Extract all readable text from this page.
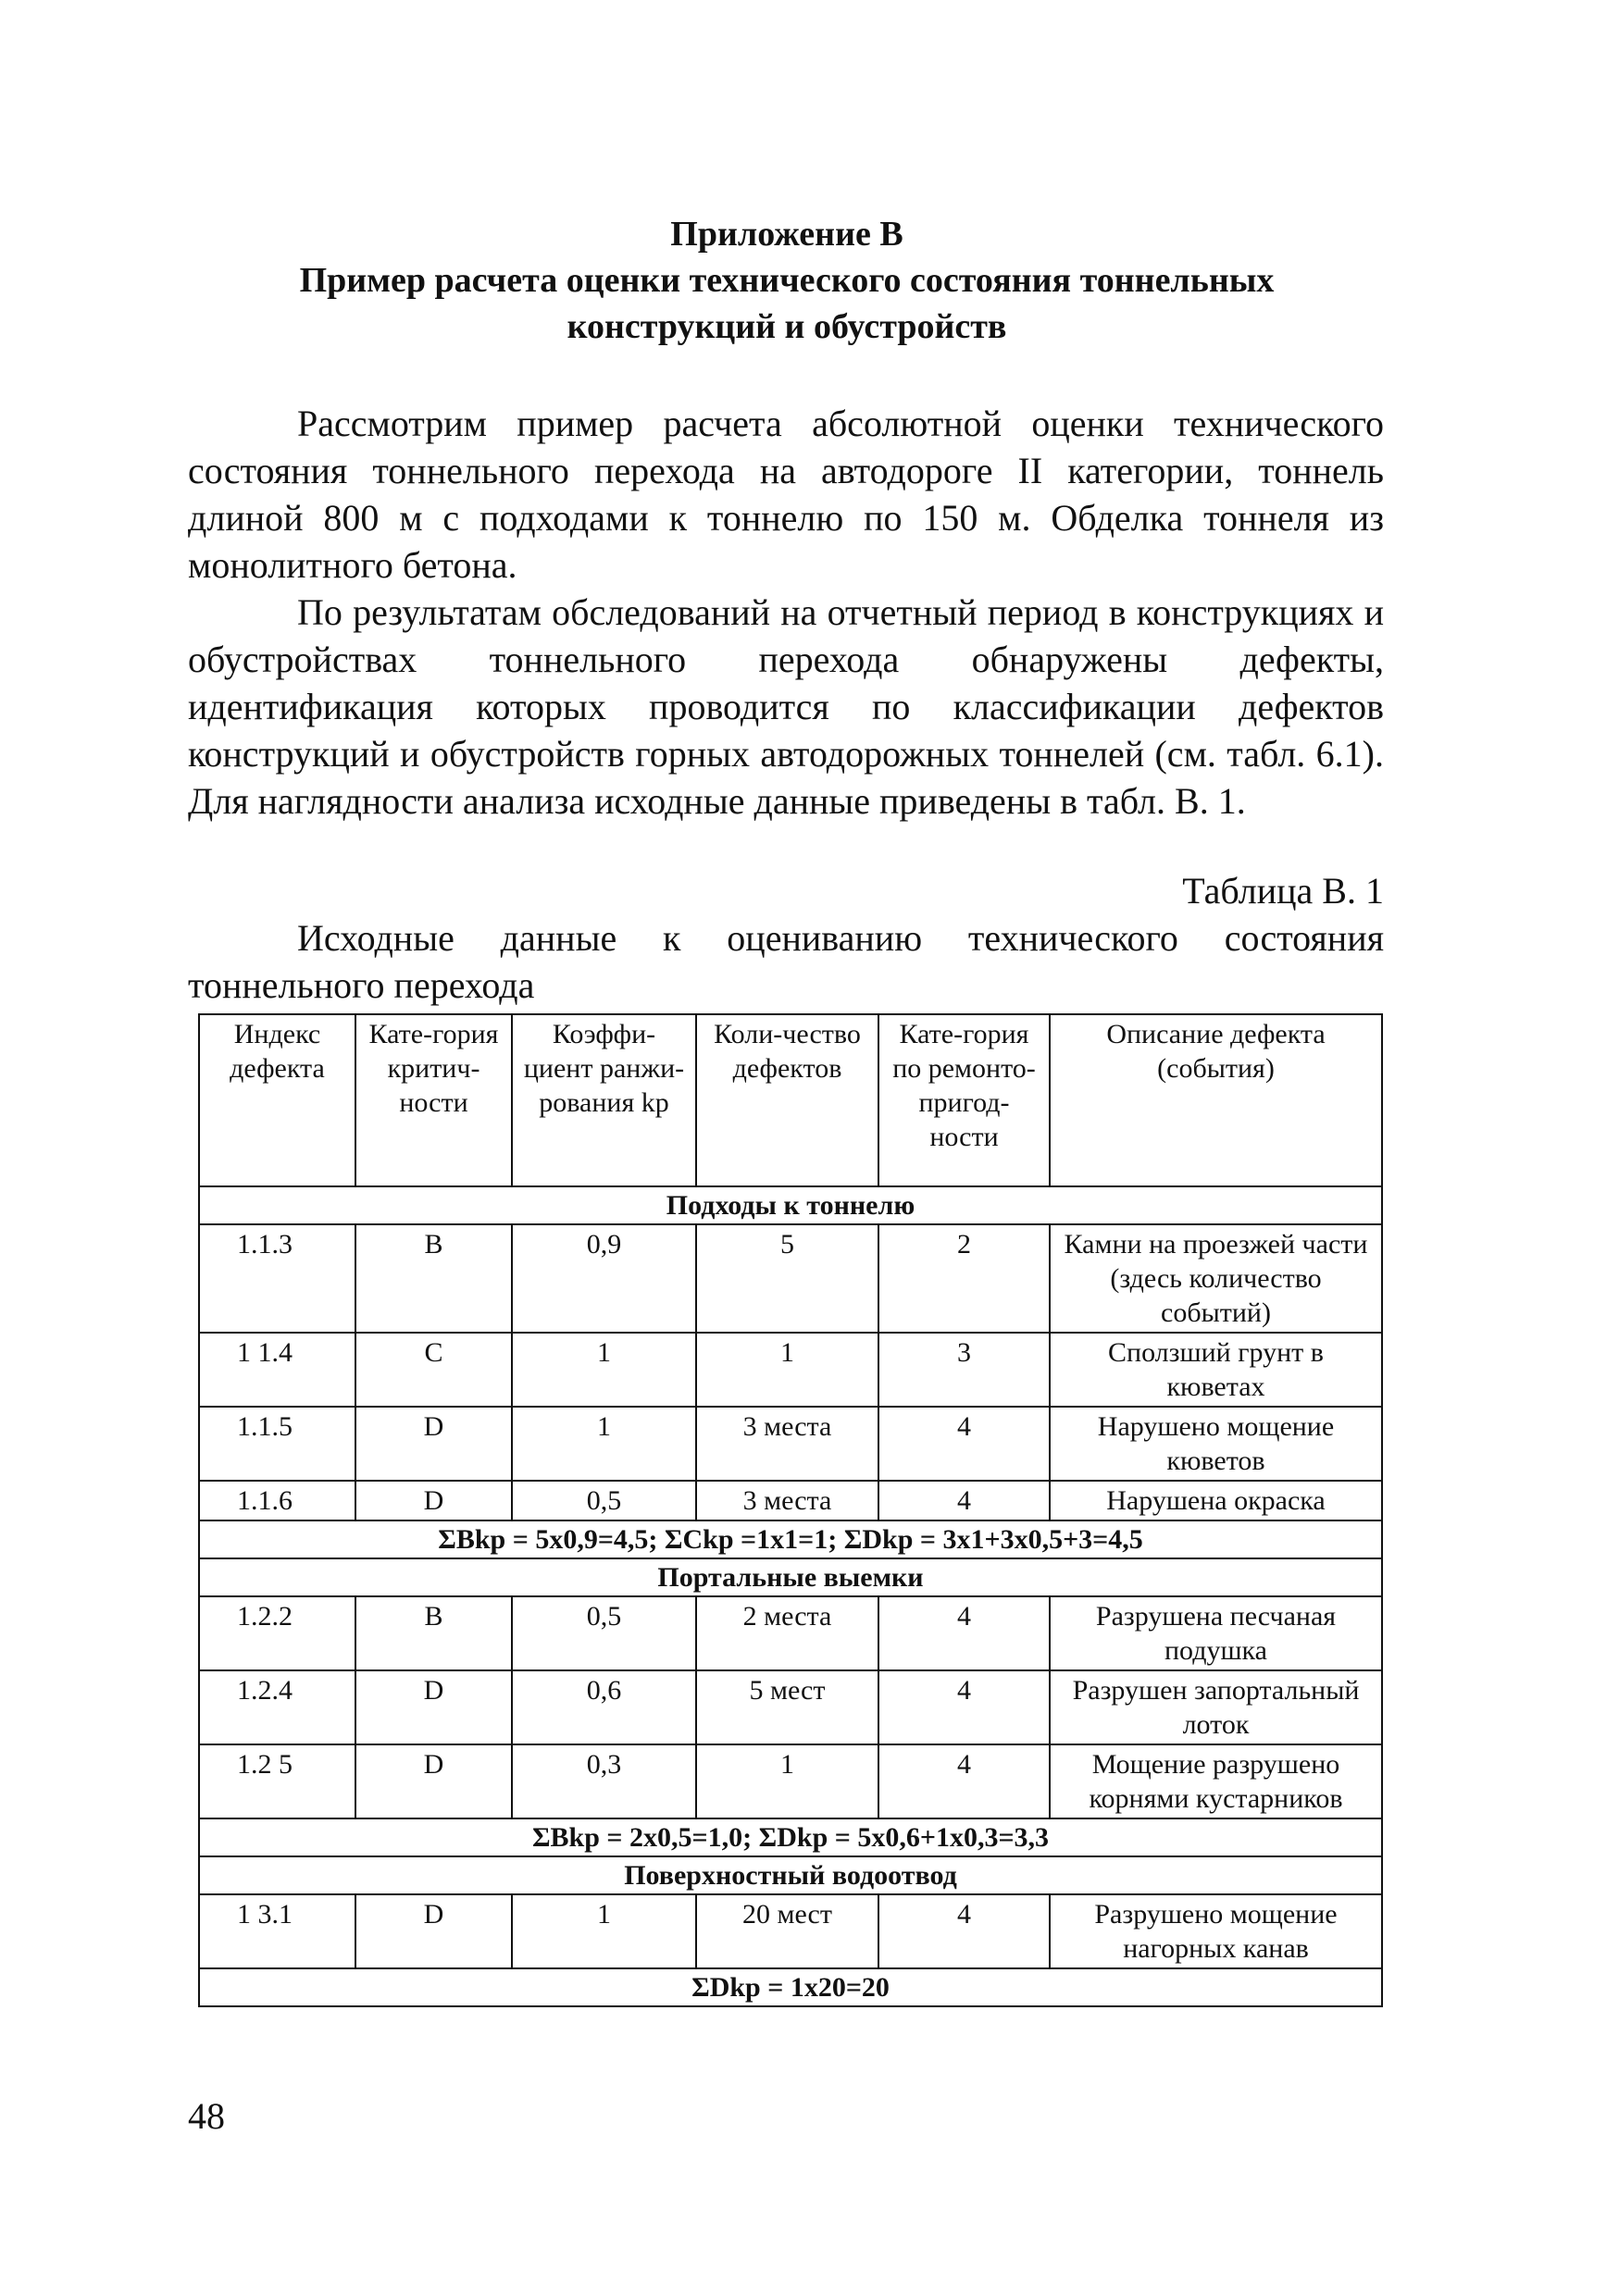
Приложение В
Пример расчета оценки технического состояния тоннельных
конструкций и обустройств

Рассмотрим пример расчета абсолютной оценки технического состояния тоннельного перехода на автодороге II категории, тоннель длиной 800 м с подходами к тоннелю по 150 м. Обделка тоннеля из монолитного бетона.

По результатам обследований на отчетный период в конструкциях и обустройствах тоннельного перехода обнаружены дефекты, идентификация которых проводится по классификации дефектов конструкций и обустройств горных автодорожных тоннелей (см. табл. 6.1). Для наглядности анализа исходные данные приведены в табл. В. 1.

Таблица В. 1
Исходные данные к оцениванию технического состояния
тоннельного перехода
Индекс дефекта	Кате-гория критич-ности	Коэффи-циент ранжи-рования kр	Коли-чество дефектов	Кате-гория по ремонто-пригод-ности	Описание дефекта (события)
Подходы к тоннелю					
1.1.3	B	0,9	5	2	Камни на проезжей части (здесь количество событий)
1 1.4	C	1	1	3	Сползший грунт в кюветах
1.1.5	D	1	3 места	4	Нарушено мощение кюветов
1.1.6	D	0,5	3 места	4	Нарушена окраска
ΣBkр = 5x0,9=4,5; ΣCkр =1x1=1; ΣDkр = 3x1+3x0,5+3=4,5					
Портальные выемки					
1.2.2	B	0,5	2 места	4	Разрушена песчаная подушка
1.2.4	D	0,6	5 мест	4	Разрушен запортальный лоток
1.2 5	D	0,3	1	4	Мощение разрушено корнями кустарников
ΣBkр = 2x0,5=1,0; ΣDkр = 5x0,6+1x0,3=3,3					
Поверхностный водоотвод					
1 3.1	D	1	20 мест	4	Разрушено мощение нагорных канав
ΣDkр = 1x20=20					
48
